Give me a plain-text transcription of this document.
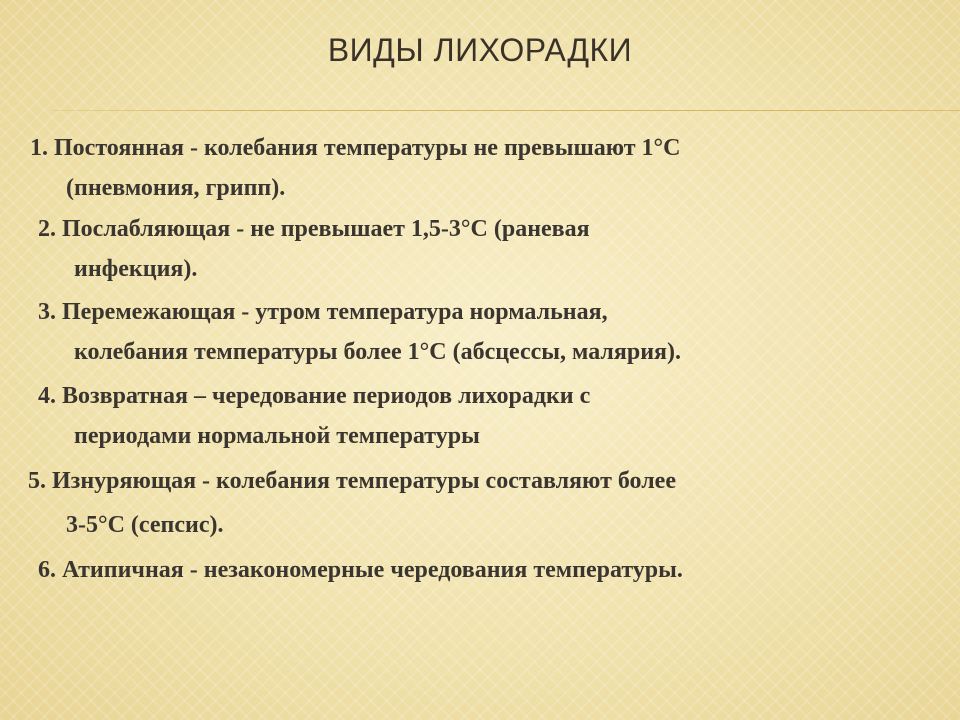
ВИДЫ ЛИХОРАДКИ
1. Постоянная - колебания температуры не превышают 1°С
(пневмония, грипп).
2. Послабляющая - не превышает 1,5-3°С (раневая
инфекция).
3. Перемежающая - утром температура нормальная,
колебания температуры более 1°С (абсцессы, малярия).
4. Возвратная – чередование периодов лихорадки с
периодами нормальной температуры
5. Изнуряющая - колебания температуры составляют более
3-5°С (сепсис).
6. Атипичная - незакономерные чередования температуры.
